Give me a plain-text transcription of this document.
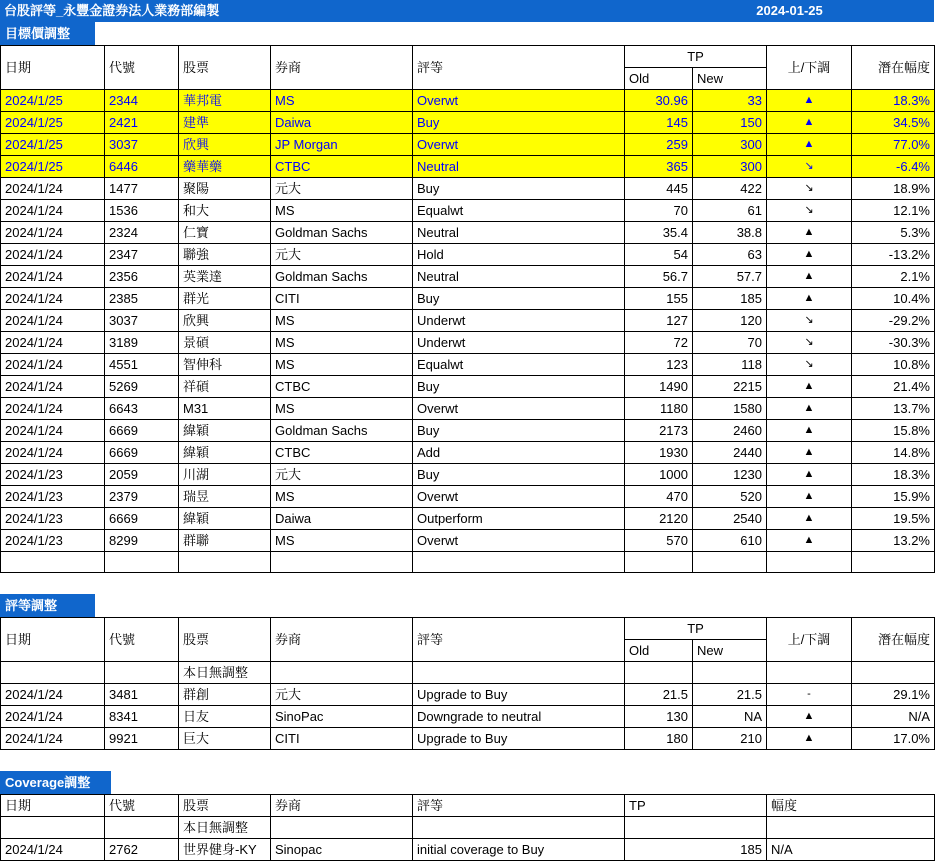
台股評等_永豐金證券法人業務部編製	2024-01-25
目標價調整	
日期	代號	股票	券商	評等	TP		上/下調	潛在幅度
					Old	New		
2024/1/25	2344	華邦電	MS	Overwt	30.96	33	▲	18.3%
2024/1/25	2421	建準	Daiwa	Buy	145	150	▲	34.5%
2024/1/25	3037	欣興	JP Morgan	Overwt	259	300	▲	77.0%
2024/1/25	6446	藥華藥	CTBC	Neutral	365	300	↘	-6.4%
2024/1/24	1477	聚陽	元大	Buy	445	422	↘	18.9%
2024/1/24	1536	和大	MS	Equalwt	70	61	↘	12.1%
2024/1/24	2324	仁寶	Goldman Sachs	Neutral	35.4	38.8	▲	5.3%
2024/1/24	2347	聯強	元大	Hold	54	63	▲	-13.2%
2024/1/24	2356	英業達	Goldman Sachs	Neutral	56.7	57.7	▲	2.1%
2024/1/24	2385	群光	CITI	Buy	155	185	▲	10.4%
2024/1/24	3037	欣興	MS	Underwt	127	120	↘	-29.2%
2024/1/24	3189	景碩	MS	Underwt	72	70	↘	-30.3%
2024/1/24	4551	智伸科	MS	Equalwt	123	118	↘	10.8%
2024/1/24	5269	祥碩	CTBC	Buy	1490	2215	▲	21.4%
2024/1/24	6643	M31	MS	Overwt	1180	1580	▲	13.7%
2024/1/24	6669	緯穎	Goldman Sachs	Buy	2173	2460	▲	15.8%
2024/1/24	6669	緯穎	CTBC	Add	1930	2440	▲	14.8%
2024/1/23	2059	川湖	元大	Buy	1000	1230	▲	18.3%
2024/1/23	2379	瑞昱	MS	Overwt	470	520	▲	15.9%
2024/1/23	6669	緯穎	Daiwa	Outperform	2120	2540	▲	19.5%
2024/1/23	8299	群聯	MS	Overwt	570	610	▲	13.2%

評等調整	
日期	代號	股票	券商	評等	TP		上/下調	潛在幅度
					Old	New		
		本日無調整						
2024/1/24	3481	群創	元大	Upgrade to Buy	21.5	21.5	-	29.1%
2024/1/24	8341	日友	SinoPac	Downgrade to neutral	130	NA	▲	N/A
2024/1/24	9921	巨大	CITI	Upgrade to Buy	180	210	▲	17.0%

Coverage調整	
日期	代號	股票	券商	評等	TP	幅度
		本日無調整				
2024/1/24	2762	世界健身-KY	Sinopac	initial coverage to Buy	185	N/A
